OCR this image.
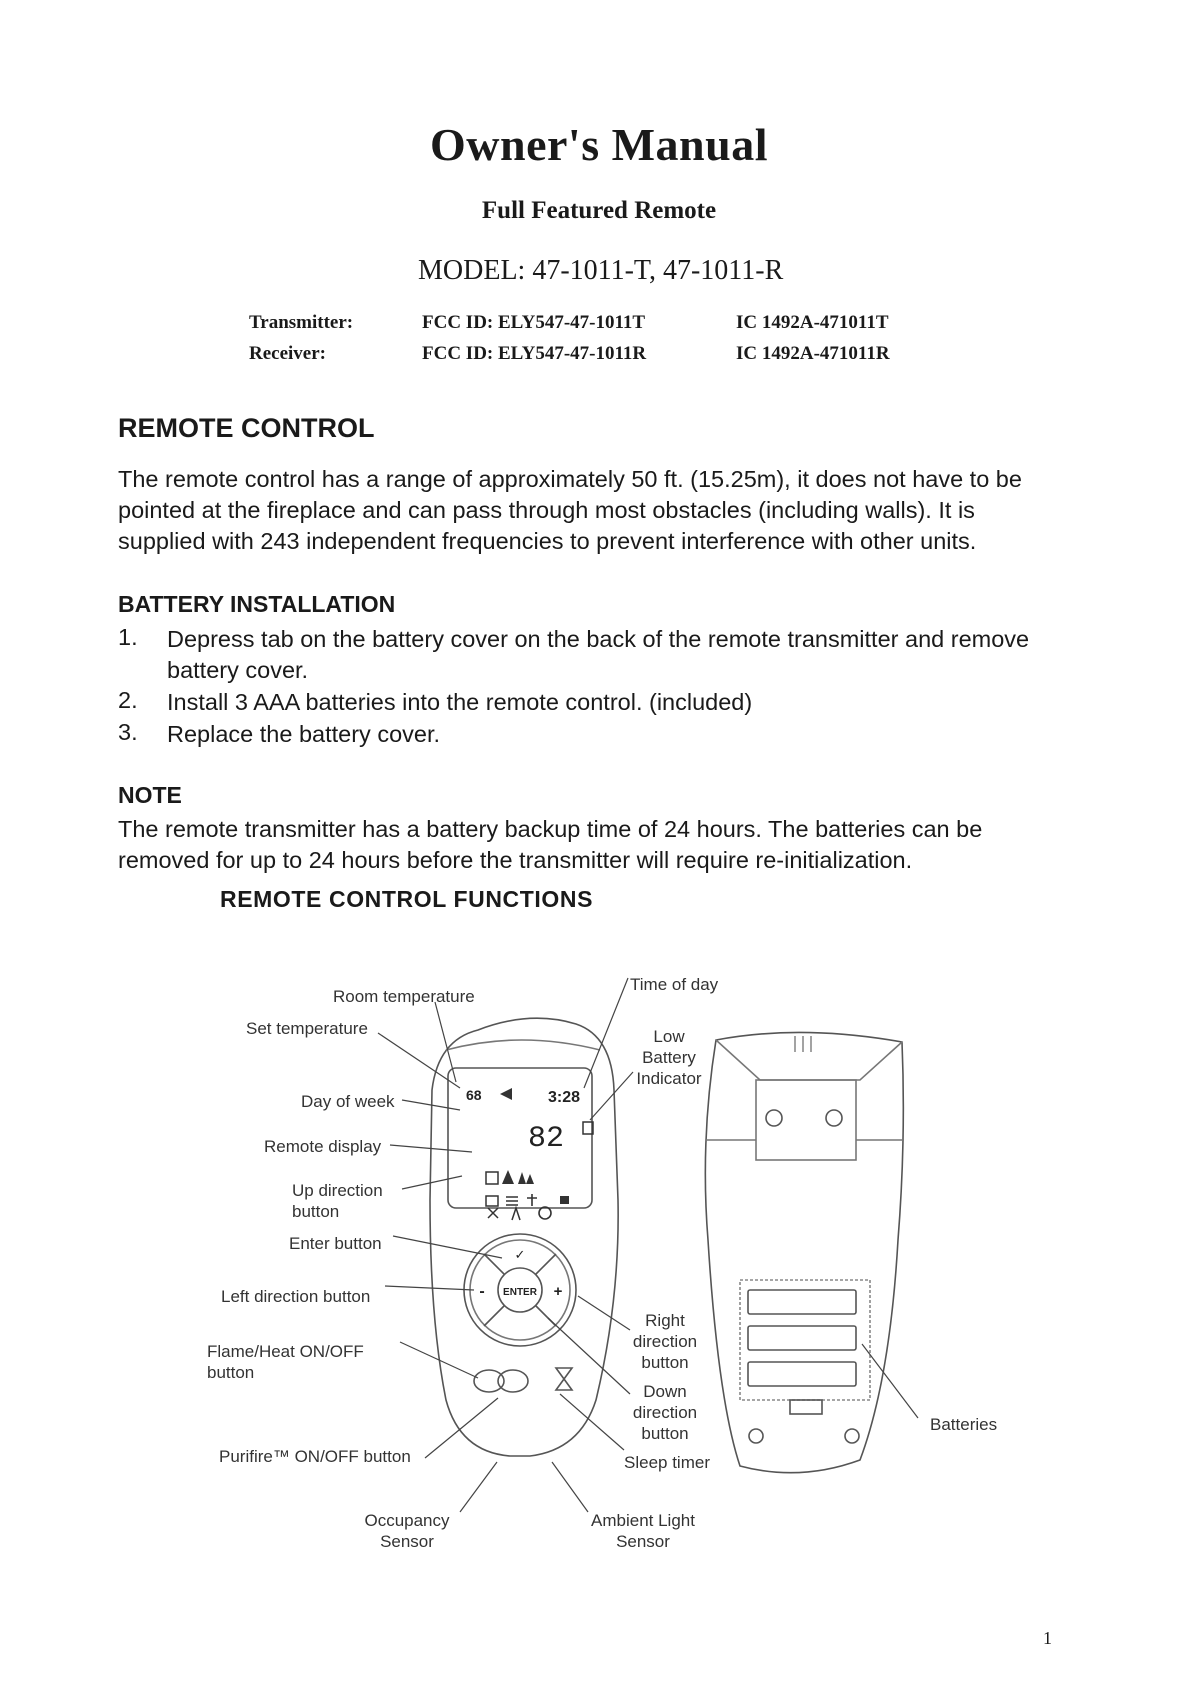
Owner's Manual
Full Featured Remote
MODEL: 47-1011-T, 47-1011-R
Transmitter:	FCC ID: ELY547-47-1011T	IC 1492A-471011T
Receiver:	FCC ID: ELY547-47-1011R	IC 1492A-471011R
REMOTE CONTROL
The remote control has a range of approximately 50 ft. (15.25m), it does not have to be
pointed at the fireplace and can pass through most obstacles (including walls). It is
supplied with 243 independent frequencies to prevent interference with other units.
BATTERY INSTALLATION
1. Depress tab on the battery cover on the back of the remote transmitter and remove
battery cover.
2. Install 3 AAA batteries into the remote control. (included)
3. Replace the battery cover.
NOTE
The remote transmitter has a battery backup time of 24 hours. The batteries can be
removed for up to 24 hours before the transmitter will require re-initialization.
REMOTE CONTROL FUNCTIONS
68	3:28
82
ENTER
-	+
✓
Room temperature
Set temperature
Day of week
Remote display
Up direction
button
Enter button
Left direction button
Flame/Heat ON/OFF
button
Purifire™ ON/OFF button
Occupancy
Sensor
Ambient Light
Sensor
Time of day
Low
Battery
Indicator
Right
direction
button
Down
direction
button
Sleep timer
Batteries
1
